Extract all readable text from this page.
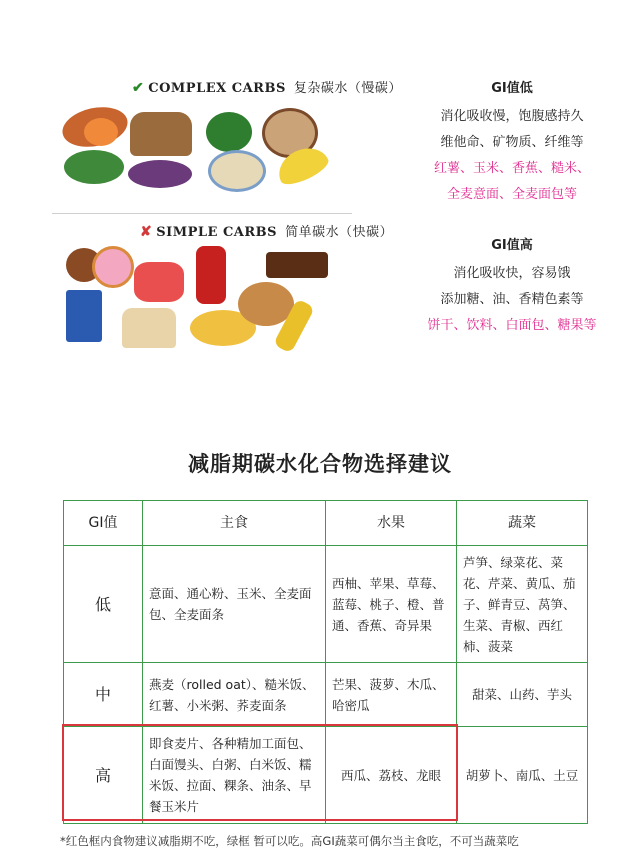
✔ COMPLEX CARBS 复杂碳水（慢碳）	GI值低
消化吸收慢，饱腹感持久
维他命、矿物质、纤维等
红薯、玉米、香蕉、糙米、
全麦意面、全麦面包等
✘ SIMPLE CARBS 简单碳水（快碳）
GI值高
消化吸收快，容易饿
添加糖、油、香精色素等
饼干、饮料、白面包、糖果等
减脂期碳水化合物选择建议
GI值	主食	水果	蔬菜
低	意面、通心粉、玉米、全麦面包、全麦面条	西柚、苹果、草莓、蓝莓、桃子、橙、普通、香蕉、奇异果	芦笋、绿菜花、菜花、芹菜、黄瓜、茄子、鲜青豆、莴笋、生菜、青椒、西红柿、菠菜
中	燕麦（rolled oat）、糙米饭、红薯、小米粥、荞麦面条	芒果、菠萝、木瓜、哈密瓜	甜菜、山药、芋头
高	即食麦片、各种精加工面包、白面馒头、白粥、白米饭、糯米饭、拉面、粿条、油条、早餐玉米片	西瓜、荔枝、龙眼	胡萝卜、南瓜、土豆
*红色框内食物建议减脂期不吃，绿框 暂可以吃。高GI蔬菜可偶尔当主食吃，不可当蔬菜吃
